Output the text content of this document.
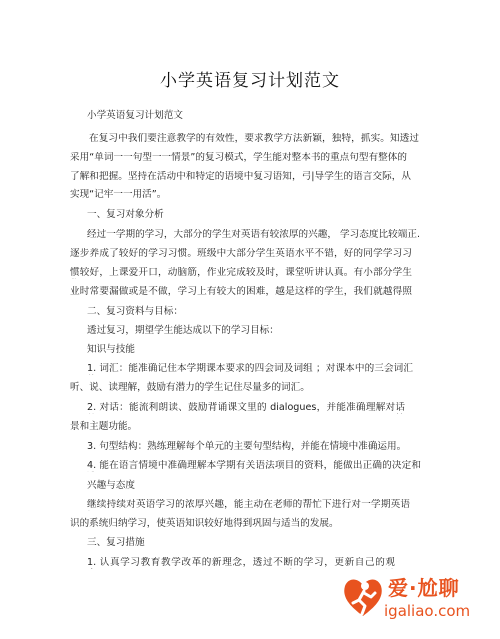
小学英语复习计划范文
小学英语复习计划范文
在复习中我们要注意教学的有效性，要求教学方法新颖，独特，抓实。知透过
采用“单词一一句型一一情景”的复习模式，学生能对整本书的重点句型有整体的
了解和把握。坚持在活动中和特定的语境中复习语知，弓|导学生的语言交际，从
实现“记牢一一用活”。
一、复习对象分析
经过一学期的学习，大部分的学生对英语有较浓厚的兴趣， 学习态度比较端正.
逐步养成了较好的学习习惯。班级中大部分学生英语水平不错，好的同学学习习
惯较好，上课爱开口，动脑筋，作业完成较及时，课堂听讲认真。有小部分学生
业时常要漏做或是不做，学习上有较大的困难，越是这样的学生，我们就越得照
二、复习资料与目标：
透过复习，期望学生能达成以下的学习目标：
知识与技能
1. 词汇：能准确记住本学期课本要求的四会词及词组 ；对课本中的三会词汇
听、说、读理解，鼓励有潜力的学生记住尽量多的词汇。
2. 对话：能流利朗读、鼓励背诵课文里的 dialogues，并能准确理解对话
景和主题功能。
3. 句型结构：熟练理解每个单元的主要句型结构，并能在情境中准确运用。
4. 能在语言情境中准确理解本学期有关语法项目的资料，能做出正确的决定和
兴趣与态度
继续持续对英语学习的浓厚兴趣，能主动在老师的帮忙下进行对一学期英语
识的系统归纳学习，使英语知识较好地得到巩固与适当的发展。
三、复习措施
1. 认真学习教育教学改革的新理念，透过不断的学习，更新自己的观
爱·尬聊
igaliao.com
